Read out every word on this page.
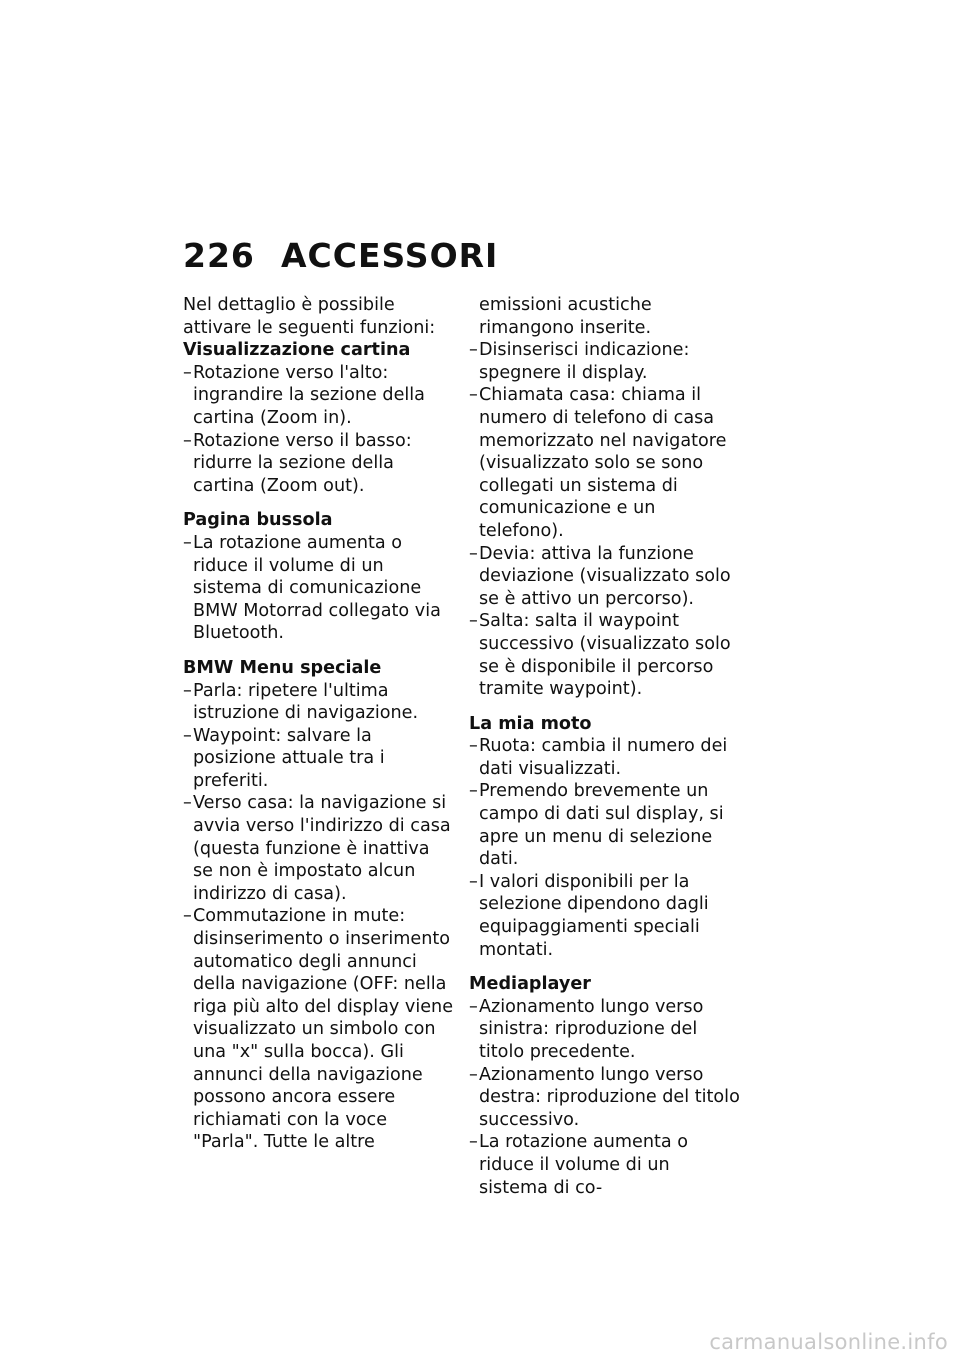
226 ACCESSORI

Nel dettaglio è possibile attivare le seguenti funzioni:

Visualizzazione cartina

– Rotazione verso l'alto: ingrandire la sezione della cartina (Zoom in).
– Rotazione verso il basso: ridurre la sezione della cartina (Zoom out).

Pagina bussola

– La rotazione aumenta o riduce il volume di un sistema di comunicazione BMW Motorrad collegato via Bluetooth.

BMW Menu speciale

– Parla: ripetere l'ultima istruzione di navigazione.
– Waypoint: salvare la posizione attuale tra i preferiti.
– Verso casa: la navigazione si avvia verso l'indirizzo di casa (questa funzione è inattiva se non è impostato alcun indirizzo di casa).
– Commutazione in mute: disinserimento o inserimento automatico degli annunci della navigazione (OFF: nella riga più alto del display viene visualizzato un simbolo con una "x" sulla bocca). Gli annunci della navigazione possono ancora essere richiamati con la voce "Parla". Tutte le altre

emissioni acustiche rimangono inserite.

– Disinserisci indicazione: spegnere il display.
– Chiamata casa: chiama il numero di telefono di casa memorizzato nel navigatore (visualizzato solo se sono collegati un sistema di comunicazione e un telefono).
– Devia: attiva la funzione deviazione (visualizzato solo se è attivo un percorso).
– Salta: salta il waypoint successivo (visualizzato solo se è disponibile il percorso tramite waypoint).

La mia moto

– Ruota: cambia il numero dei dati visualizzati.
– Premendo brevemente un campo di dati sul display, si apre un menu di selezione dati.
– I valori disponibili per la selezione dipendono dagli equipaggiamenti speciali montati.

Mediaplayer

– Azionamento lungo verso sinistra: riproduzione del titolo precedente.
– Azionamento lungo verso destra: riproduzione del titolo successivo.
– La rotazione aumenta o riduce il volume di un sistema di co-
carmanualsonline.info
